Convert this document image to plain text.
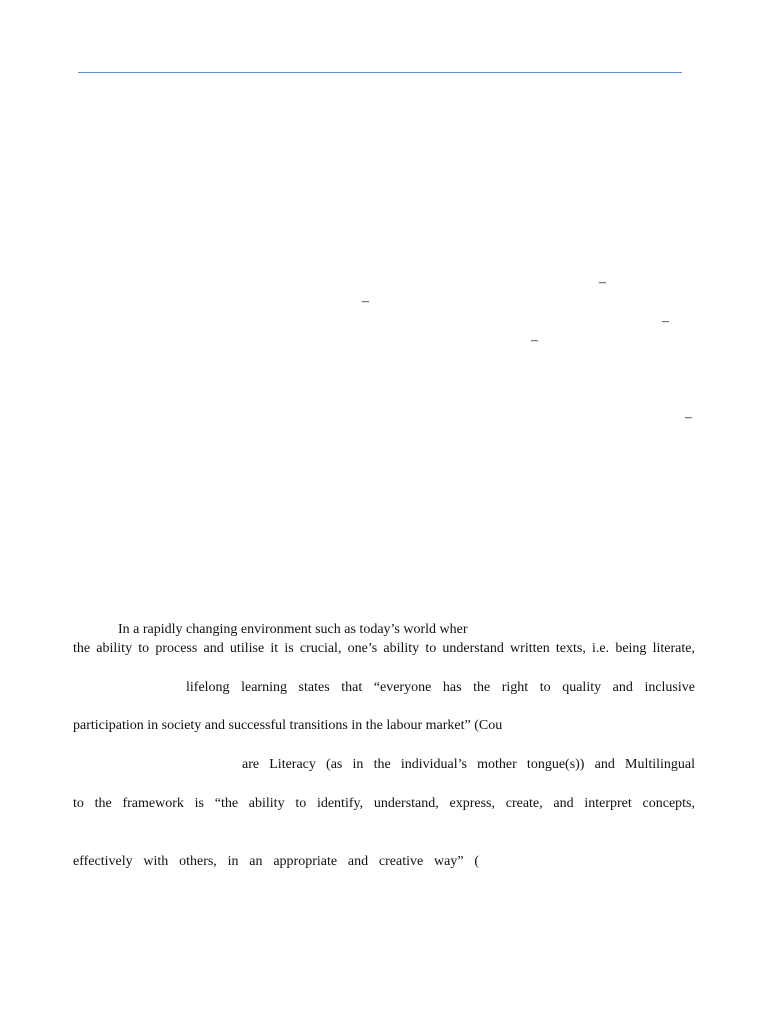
–
–
–
–
–
In a rapidly changing environment such as today’s world wher
the ability to process and utilise it is crucial, one’s ability to understand written texts, i.e. being literate,
lifelong learning states that “everyone has the right to quality and inclusive
participation in society and successful transitions in the labour market” (Cou
are Literacy (as in the individual’s mother tongue(s)) and Multilingual
to the framework is “the ability to identify, understand, express, create, and interpret concepts,
effectively with others, in an appropriate and creative way” (
